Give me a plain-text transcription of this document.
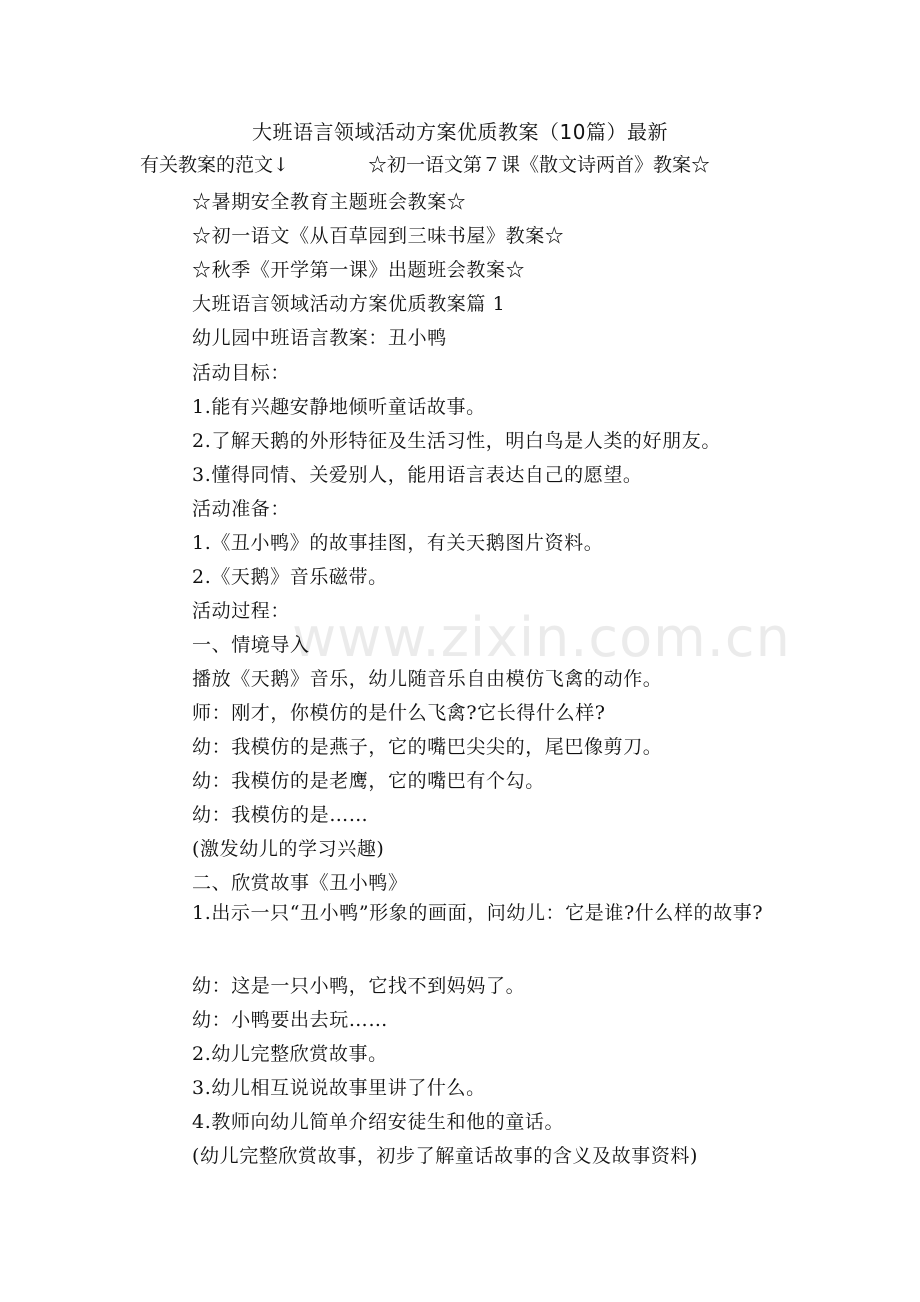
大班语言领域活动方案优质教案（10篇）最新
有关教案的范文↓	☆初一语文第７课《散文诗两首》教案☆
☆暑期安全教育主题班会教案☆
☆初一语文《从百草园到三味书屋》教案☆
☆秋季《开学第一课》出题班会教案☆
大班语言领域活动方案优质教案篇 1
幼儿园中班语言教案：丑小鸭
活动目标：
1.能有兴趣安静地倾听童话故事。
2.了解天鹅的外形特征及生活习性，明白鸟是人类的好朋友。
3.懂得同情、关爱别人，能用语言表达自己的愿望。
活动准备：
1.《丑小鸭》的故事挂图，有关天鹅图片资料。
2.《天鹅》音乐磁带。
活动过程：
一、情境导入
播放《天鹅》音乐，幼儿随音乐自由模仿飞禽的动作。
师：刚才，你模仿的是什么飞禽?它长得什么样?
幼：我模仿的是燕子，它的嘴巴尖尖的，尾巴像剪刀。
幼：我模仿的是老鹰，它的嘴巴有个勾。
幼：我模仿的是……
(激发幼儿的学习兴趣)
二、欣赏故事《丑小鸭》
1.出示一只“丑小鸭”形象的画面，问幼儿：它是谁?什么样的故事?
幼：这是一只小鸭，它找不到妈妈了。
幼：小鸭要出去玩……
2.幼儿完整欣赏故事。
3.幼儿相互说说故事里讲了什么。
4.教师向幼儿简单介绍安徒生和他的童话。
(幼儿完整欣赏故事，初步了解童话故事的含义及故事资料)
www.zixin.com.cn
